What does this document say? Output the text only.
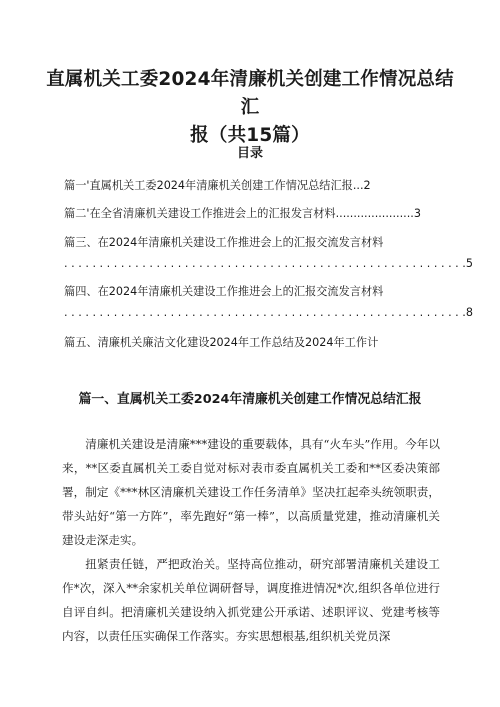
直属机关工委2024年清廉机关创建工作情况总结汇
报（共15篇）
目录
篇一'直属机关工委2024年清廉机关创建工作情况总结汇报...2
篇二'在全省清廉机关建设工作推进会上的汇报发言材料......................3
篇三、在2024年清廉机关建设工作推进会上的汇报交流发言材料
. . . . . . . . . . . . . . . . . . . . . . . . . . . . . . . . . . . . . . . . . . . . . . . . . . . . . . . . . 5
篇四、在2024年清廉机关建设工作推进会上的汇报交流发言材料
. . . . . . . . . . . . . . . . . . . . . . . . . . . . . . . . . . . . . . . . . . . . . . . . . . . . . . . . . 8
篇五、清廉机关廉洁文化建设2024年工作总结及2024年工作计
篇一、直属机关工委2024年清廉机关创建工作情况总结汇报

清廉机关建设是清廉***建设的重要载体，具有“火车头”作用。今年以来，**区委直属机关工委自觉对标对表市委直属机关工委和**区委决策部署，制定《***林区清廉机关建设工作任务清单》坚决扛起牵头统领职责，带头站好“第一方阵”，率先跑好“第一棒”，以高质量党建，推动清廉机关建设走深走实。

扭紧责任链，严把政治关。坚持高位推动，研究部署清廉机关建设工作*次，深入**余家机关单位调研督导，调度推进情况*次,组织各单位进行自评自纠。把清廉机关建设纳入抓党建公开承诺、述职评议、党建考核等内容，以责任压实确保工作落实。夯实思想根基,组织机关党员深
